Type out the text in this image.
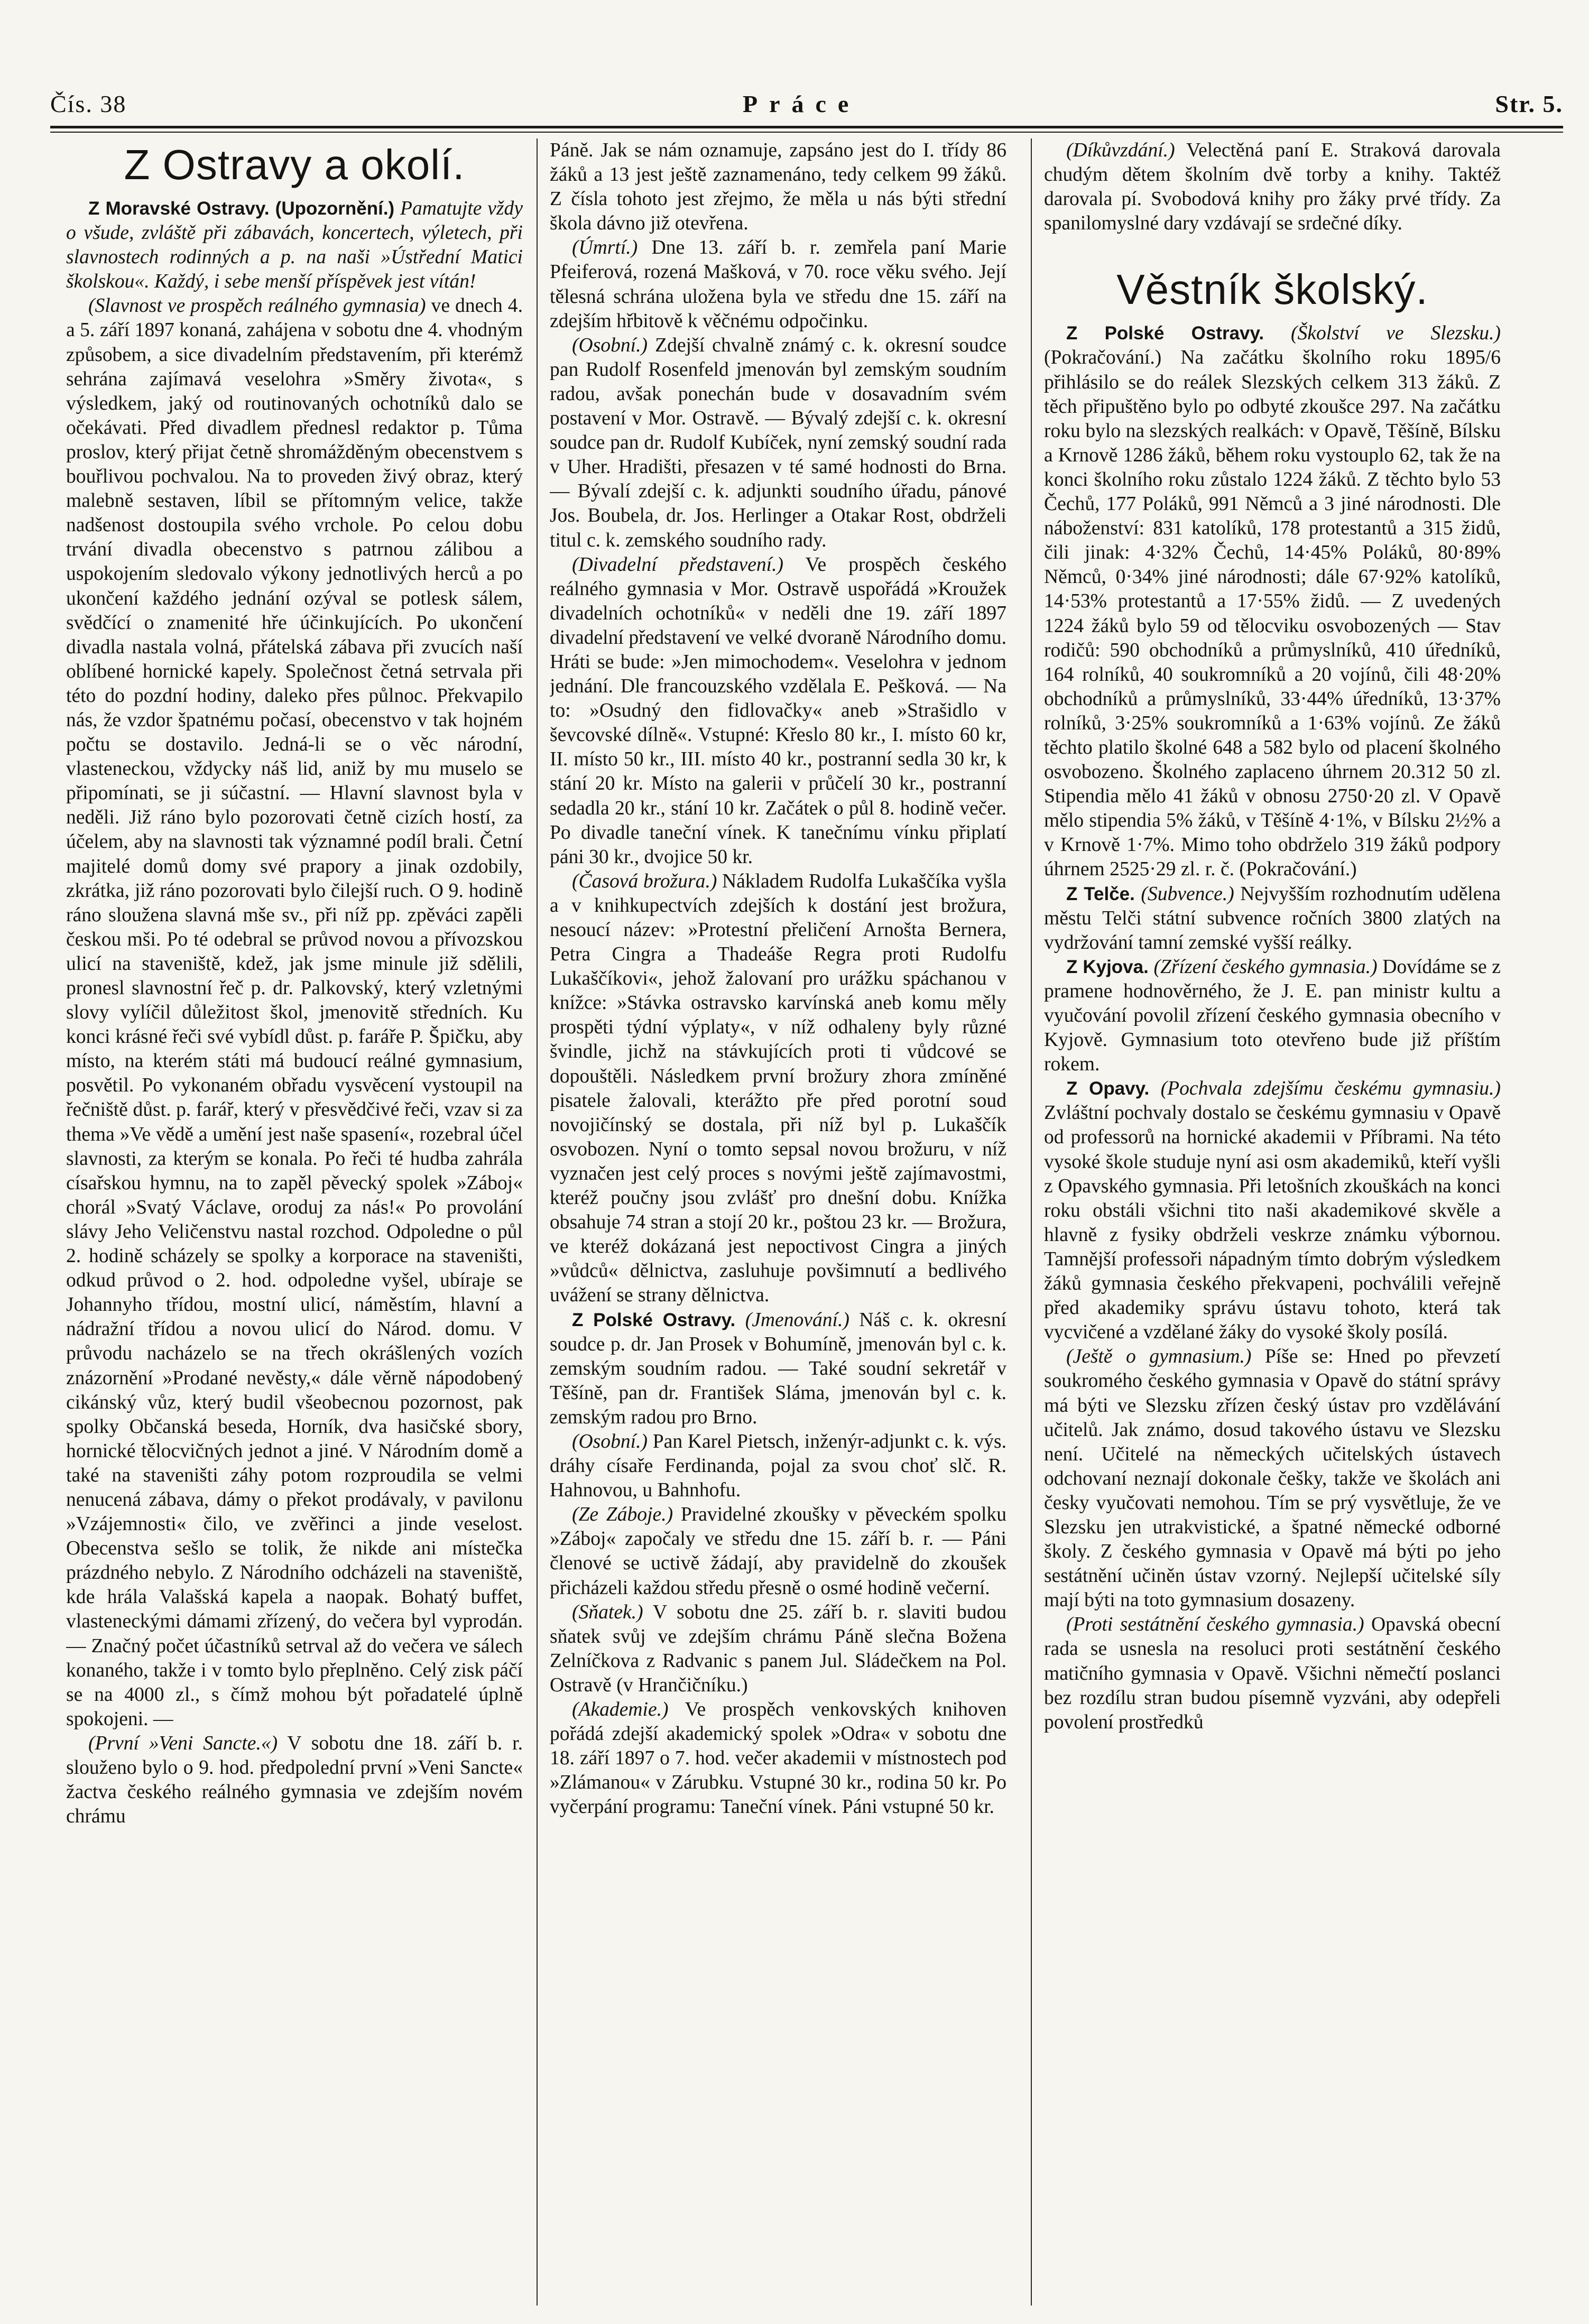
Čís. 38	Práce	Str. 5.
Z Ostravy a okolí.

Z Moravské Ostravy. (Upozornění.) Pamatujte vždy o všude, zvláště při zábavách, koncertech, výletech, při slavnostech rodinných a p. na naši »Ústřední Matici školskou«. Každý, i sebe menší příspěvek jest vítán!

(Slavnost ve prospěch reálného gymnasia) ve dnech 4. a 5. září 1897 konaná, zahájena v sobotu dne 4. vhodným způsobem, a sice divadelním představením, při kterémž sehrána zajímavá veselohra »Směry života«, s výsledkem, jaký od routinovaných ochotníků dalo se očekávati. Před divadlem přednesl redaktor p. Tůma proslov, který přijat četně shromážděným obecenstvem s bouřlivou pochvalou. Na to proveden živý obraz, který malebně sestaven, líbil se přítomným velice, takže nadšenost dostoupila svého vrchole. Po celou dobu trvání divadla obecenstvo s patrnou zálibou a uspokojením sledovalo výkony jednotlivých herců a po ukončení každého jednání ozýval se potlesk sálem, svědčící o znamenité hře účinkujících. Po ukončení divadla nastala volná, přátelská zábava při zvucích naší oblíbené hornické kapely. Společnost četná setrvala při této do pozdní hodiny, daleko přes půlnoc. Překvapilo nás, že vzdor špatnému počasí, obecenstvo v tak hojném počtu se dostavilo. Jedná-li se o věc národní, vlasteneckou, vždycky náš lid, aniž by mu muselo se připomínati, se ji súčastní. — Hlavní slavnost byla v neděli. Již ráno bylo pozorovati četně cizích hostí, za účelem, aby na slavnosti tak významné podíl brali. Četní majitelé domů domy své prapory a jinak ozdobily, zkrátka, již ráno pozorovati bylo čilejší ruch. O 9. hodině ráno sloužena slavná mše sv., při níž pp. zpěváci zapěli českou mši. Po té odebral se průvod novou a přívozskou ulicí na staveniště, kdež, jak jsme minule již sdělili, pronesl slavnostní řeč p. dr. Palkovský, který vzletnými slovy vylíčil důležitost škol, jmenovitě středních. Ku konci krásné řeči své vybídl důst. p. faráře P. Špičku, aby místo, na kterém státi má budoucí reálné gymnasium, posvětil. Po vykonaném obřadu vysvěcení vystoupil na řečniště důst. p. farář, který v přesvědčivé řeči, vzav si za thema »Ve vědě a umění jest naše spasení«, rozebral účel slavnosti, za kterým se konala. Po řeči té hudba zahrála císařskou hymnu, na to zapěl pěvecký spolek »Záboj« chorál »Svatý Václave, oroduj za nás!« Po provolání slávy Jeho Veličenstvu nastal rozchod. Odpoledne o půl 2. hodině scházely se spolky a korporace na staveništi, odkud průvod o 2. hod. odpoledne vyšel, ubíraje se Johannyho třídou, mostní ulicí, náměstím, hlavní a nádražní třídou a novou ulicí do Národ. domu. V průvodu nacházelo se na třech okrášlených vozích znázornění »Prodané nevěsty,« dále věrně nápodobený cikánský vůz, který budil všeobecnou pozornost, pak spolky Občanská beseda, Horník, dva hasičské sbory, hornické tělocvičných jednot a jiné. V Národním domě a také na staveništi záhy potom rozproudila se velmi nenucená zábava, dámy o překot prodávaly, v pavilonu »Vzájemnosti« čilo, ve zvěřinci a jinde veselost. Obecenstva sešlo se tolik, že nikde ani místečka prázdného nebylo. Z Národního odcházeli na staveniště, kde hrála Valašská kapela a naopak. Bohatý buffet, vlasteneckými dámami zřízený, do večera byl vyprodán. — Značný počet účastníků setrval až do večera ve sálech konaného, takže i v tomto bylo přeplněno. Celý zisk páčí se na 4000 zl., s čímž mohou být pořadatelé úplně spokojeni. —

(První »Veni Sancte.«) V sobotu dne 18. září b. r. slouženo bylo o 9. hod. předpolední první »Veni Sancte« žactva českého reálného gymnasia ve zdejším novém chrámu

Páně. Jak se nám oznamuje, zapsáno jest do I. třídy 86 žáků a 13 jest ještě zaznamenáno, tedy celkem 99 žáků. Z čísla tohoto jest zřejmo, že měla u nás býti střední škola dávno již otevřena.

(Úmrtí.) Dne 13. září b. r. zemřela paní Marie Pfeiferová, rozená Mašková, v 70. roce věku svého. Její tělesná schrána uložena byla ve středu dne 15. září na zdejším hřbitově k věčnému odpočinku.

(Osobní.) Zdejší chvalně známý c. k. okresní soudce pan Rudolf Rosenfeld jmenován byl zemským soudním radou, avšak ponechán bude v dosavadním svém postavení v Mor. Ostravě. — Bývalý zdejší c. k. okresní soudce pan dr. Rudolf Kubíček, nyní zemský soudní rada v Uher. Hradišti, přesazen v té samé hodnosti do Brna. — Bývalí zdejší c. k. adjunkti soudního úřadu, pánové Jos. Boubela, dr. Jos. Herlinger a Otakar Rost, obdrželi titul c. k. zemského soudního rady.

(Divadelní představení.) Ve prospěch českého reálného gymnasia v Mor. Ostravě uspořádá »Kroužek divadelních ochotníků« v neděli dne 19. září 1897 divadelní představení ve velké dvoraně Národního domu. Hráti se bude: »Jen mimochodem«. Veselohra v jednom jednání. Dle francouzského vzdělala E. Pešková. — Na to: »Osudný den fidlovačky« aneb »Strašidlo v ševcovské dílně«. Vstupné: Křeslo 80 kr., I. místo 60 kr, II. místo 50 kr., III. místo 40 kr., postranní sedla 30 kr, k stání 20 kr. Místo na galerii v průčelí 30 kr., postranní sedadla 20 kr., stání 10 kr. Začátek o půl 8. hodině večer. Po divadle taneční vínek. K tanečnímu vínku připlatí páni 30 kr., dvojice 50 kr.

(Časová brožura.) Nákladem Rudolfa Lukaščíka vyšla a v knihkupectvích zdejších k dostání jest brožura, nesoucí název: »Protestní přeličení Arnošta Bernera, Petra Cingra a Thadeáše Regra proti Rudolfu Lukaščíkovi«, jehož žalovaní pro urážku spáchanou v knížce: »Stávka ostravsko karvínská aneb komu měly prospěti týdní výplaty«, v níž odhaleny byly různé švindle, jichž na stávkujících proti ti vůdcové se dopouštěli. Následkem první brožury zhora zmíněné pisatele žalovali, kterážto pře před porotní soud novojičínský se dostala, při níž byl p. Lukaščík osvobozen. Nyní o tomto sepsal novou brožuru, v níž vyznačen jest celý proces s novými ještě zajímavostmi, kteréž poučny jsou zvlášť pro dnešní dobu. Knížka obsahuje 74 stran a stojí 20 kr., poštou 23 kr. — Brožura, ve kteréž dokázaná jest nepoctivost Cingra a jiných »vůdců« dělnictva, zasluhuje povšimnutí a bedlivého uvážení se strany dělnictva.

Z Polské Ostravy. (Jmenování.) Náš c. k. okresní soudce p. dr. Jan Prosek v Bohumíně, jmenován byl c. k. zemským soudním radou. — Také soudní sekretář v Těšíně, pan dr. František Sláma, jmenován byl c. k. zemským radou pro Brno.

(Osobní.) Pan Karel Pietsch, inženýr-adjunkt c. k. výs. dráhy císaře Ferdinanda, pojal za svou choť slč. R. Hahnovou, u Bahnhofu.

(Ze Záboje.) Pravidelné zkoušky v pěveckém spolku »Záboj« započaly ve středu dne 15. září b. r. — Páni členové se uctivě žádají, aby pravidelně do zkoušek přicházeli každou středu přesně o osmé hodině večerní.

(Sňatek.) V sobotu dne 25. září b. r. slaviti budou sňatek svůj ve zdejším chrámu Páně slečna Božena Zelníčkova z Radvanic s panem Jul. Sládečkem na Pol. Ostravě (v Hrančičníku.)

(Akademie.) Ve prospěch venkovských knihoven pořádá zdejší akademický spolek »Odra« v sobotu dne 18. září 1897 o 7. hod. večer akademii v místnostech pod »Zlámanou« v Zárubku. Vstupné 30 kr., rodina 50 kr. Po vyčerpání programu: Taneční vínek. Páni vstupné 50 kr.

(Díkůvzdání.) Velectěná paní E. Straková darovala chudým dětem školním dvě torby a knihy. Taktéž darovala pí. Svobodová knihy pro žáky prvé třídy. Za spanilomyslné dary vzdávají se srdečné díky.

Věstník školský.

Z Polské Ostravy. (Školství ve Slezsku.) (Pokračování.) Na začátku školního roku 1895/6 přihlásilo se do reálek Slezských celkem 313 žáků. Z těch připuštěno bylo po odbyté zkoušce 297. Na začátku roku bylo na slezských realkách: v Opavě, Těšíně, Bílsku a Krnově 1286 žáků, během roku vystouplo 62, tak že na konci školního roku zůstalo 1224 žáků. Z těchto bylo 53 Čechů, 177 Poláků, 991 Němců a 3 jiné národnosti. Dle náboženství: 831 katolíků, 178 protestantů a 315 židů, čili jinak: 4·32% Čechů, 14·45% Poláků, 80·89% Němců, 0·34% jiné národnosti; dále 67·92% katolíků, 14·53% protestantů a 17·55% židů. — Z uvedených 1224 žáků bylo 59 od tělocviku osvobozených — Stav rodičů: 590 obchodníků a průmyslníků, 410 úředníků, 164 rolníků, 40 soukromníků a 20 vojínů, čili 48·20% obchodníků a průmyslníků, 33·44% úředníků, 13·37% rolníků, 3·25% soukromníků a 1·63% vojínů. Ze žáků těchto platilo školné 648 a 582 bylo od placení školného osvobozeno. Školného zaplaceno úhrnem 20.312 50 zl. Stipendia mělo 41 žáků v obnosu 2750·20 zl. V Opavě mělo stipendia 5% žáků, v Těšíně 4·1%, v Bílsku 2½% a v Krnově 1·7%. Mimo toho obdrželo 319 žáků podpory úhrnem 2525·29 zl. r. č. (Pokračování.)

Z Telče. (Subvence.) Nejvyšším rozhodnutím udělena městu Telči státní subvence ročních 3800 zlatých na vydržování tamní zemské vyšší reálky.

Z Kyjova. (Zřízení českého gymnasia.) Dovídáme se z pramene hodnověrného, že J. E. pan ministr kultu a vyučování povolil zřízení českého gymnasia obecního v Kyjově. Gymnasium toto otevřeno bude již příštím rokem.

Z Opavy. (Pochvala zdejšímu českému gymnasiu.) Zvláštní pochvaly dostalo se českému gymnasiu v Opavě od professorů na hornické akademii v Příbrami. Na této vysoké škole studuje nyní asi osm akademiků, kteří vyšli z Opavského gymnasia. Při letošních zkouškách na konci roku obstáli všichni tito naši akademikové skvěle a hlavně z fysiky obdrželi veskrze známku výbornou. Tamnější professoři nápadným tímto dobrým výsledkem žáků gymnasia českého překvapeni, pochválili veřejně před akademiky správu ústavu tohoto, která tak vycvičené a vzdělané žáky do vysoké školy posílá.

(Ještě o gymnasium.) Píše se: Hned po převzetí soukromého českého gymnasia v Opavě do státní správy má býti ve Slezsku zřízen český ústav pro vzdělávání učitelů. Jak známo, dosud takového ústavu ve Slezsku není. Učitelé na německých učitelských ústavech odchovaní neznají dokonale češky, takže ve školách ani česky vyučovati nemohou. Tím se prý vysvětluje, že ve Slezsku jen utrakvistické, a špatné německé odborné školy. Z českého gymnasia v Opavě má býti po jeho sestátnění učiněn ústav vzorný. Nejlepší učitelské síly mají býti na toto gymnasium dosazeny.

(Proti sestátnění českého gymnasia.) Opavská obecní rada se usnesla na resoluci proti sestátnění českého matičního gymnasia v Opavě. Všichni němečtí poslanci bez rozdílu stran budou písemně vyzváni, aby odepřeli povolení prostředků
